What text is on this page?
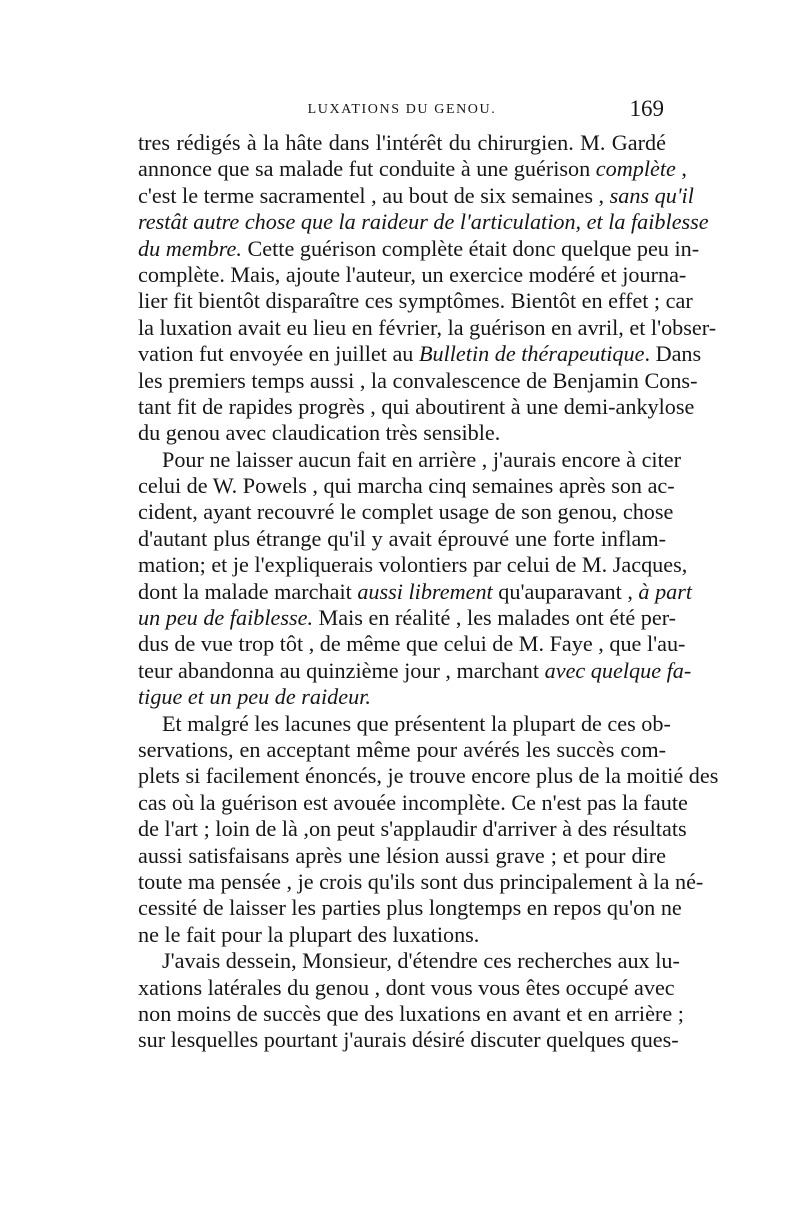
LUXATIONS DU GENOU.	169
tres rédigés à la hâte dans l'intérêt du chirurgien. M. Gardé
annonce que sa malade fut conduite à une guérison complète ,
c'est le terme sacramentel , au bout de six semaines , sans qu'il
restât autre chose que la raideur de l'articulation, et la faiblesse
du membre. Cette guérison complète était donc quelque peu in-
complète. Mais, ajoute l'auteur, un exercice modéré et journa-
lier fit bientôt disparaître ces symptômes. Bientôt en effet ; car
la luxation avait eu lieu en février, la guérison en avril, et l'obser-
vation fut envoyée en juillet au Bulletin de thérapeutique. Dans
les premiers temps aussi , la convalescence de Benjamin Cons-
tant fit de rapides progrès , qui aboutirent à une demi-ankylose
du genou avec claudication très sensible.
Pour ne laisser aucun fait en arrière , j'aurais encore à citer
celui de W. Powels , qui marcha cinq semaines après son ac-
cident, ayant recouvré le complet usage de son genou, chose
d'autant plus étrange qu'il y avait éprouvé une forte inflam-
mation; et je l'expliquerais volontiers par celui de M. Jacques,
dont la malade marchait aussi librement qu'auparavant , à part
un peu de faiblesse. Mais en réalité , les malades ont été per-
dus de vue trop tôt , de même que celui de M. Faye , que l'au-
teur abandonna au quinzième jour , marchant avec quelque fa-
tigue et un peu de raideur.
Et malgré les lacunes que présentent la plupart de ces ob-
servations, en acceptant même pour avérés les succès com-
plets si facilement énoncés, je trouve encore plus de la moitié des
cas où la guérison est avouée incomplète. Ce n'est pas la faute
de l'art ; loin de là ,on peut s'applaudir d'arriver à des résultats
aussi satisfaisans après une lésion aussi grave ; et pour dire
toute ma pensée , je crois qu'ils sont dus principalement à la né-
cessité de laisser les parties plus longtemps en repos qu'on ne
ne le fait pour la plupart des luxations.
J'avais dessein, Monsieur, d'étendre ces recherches aux lu-
xations latérales du genou , dont vous vous êtes occupé avec
non moins de succès que des luxations en avant et en arrière ;
sur lesquelles pourtant j'aurais désiré discuter quelques ques-
